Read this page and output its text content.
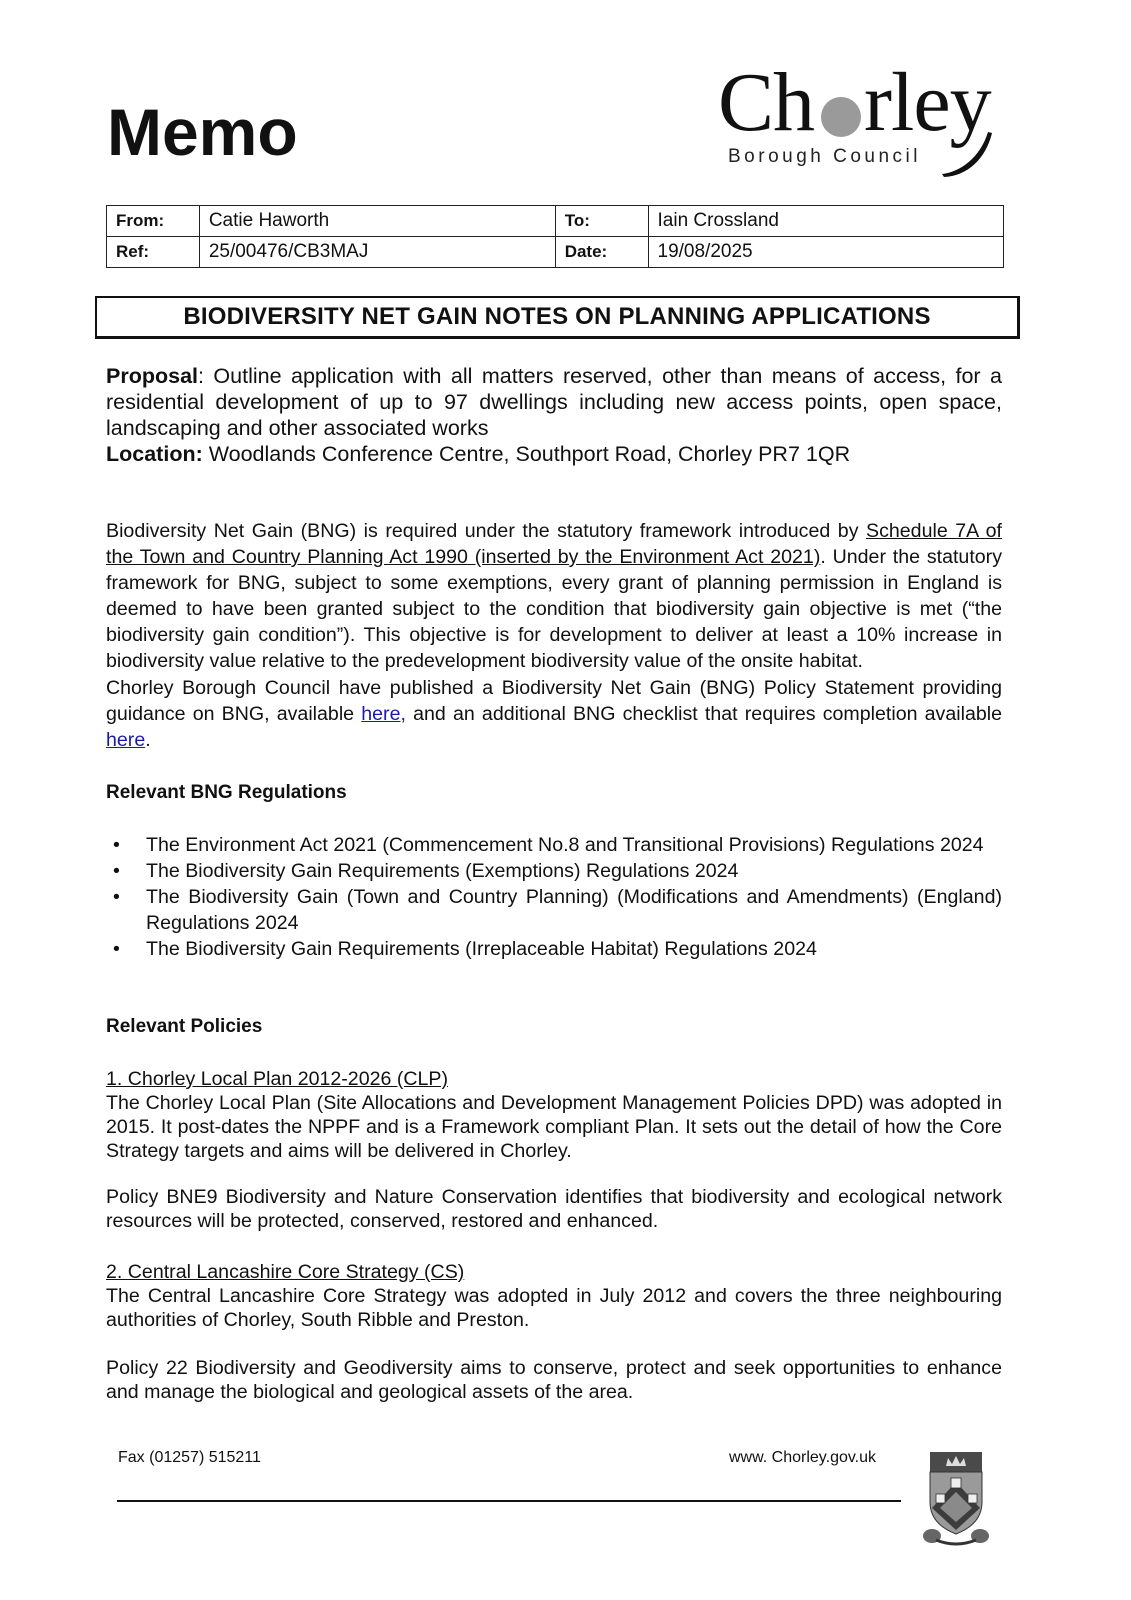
Memo	Ch rley
Borough Council
From:	Catie Haworth	To:	Iain Crossland
Ref:	25/00476/CB3MAJ	Date:	19/08/2025
BIODIVERSITY NET GAIN NOTES ON PLANNING APPLICATIONS

Proposal: Outline application with all matters reserved, other than means of access, for a residential development of up to 97 dwellings including new access points, open space, landscaping and other associated works

Location: Woodlands Conference Centre, Southport Road, Chorley PR7 1QR

Biodiversity Net Gain (BNG) is required under the statutory framework introduced by Schedule 7A of the Town and Country Planning Act 1990 (inserted by the Environment Act 2021). Under the statutory framework for BNG, subject to some exemptions, every grant of planning permission in England is deemed to have been granted subject to the condition that biodiversity gain objective is met (“the biodiversity gain condition”). This objective is for development to deliver at least a 10% increase in biodiversity value relative to the predevelopment biodiversity value of the onsite habitat.

Chorley Borough Council have published a Biodiversity Net Gain (BNG) Policy Statement providing guidance on BNG, available here, and an additional BNG checklist that requires completion available here.

Relevant BNG Regulations

• The Environment Act 2021 (Commencement No.8 and Transitional Provisions) Regulations 2024
• The Biodiversity Gain Requirements (Exemptions) Regulations 2024
• The Biodiversity Gain (Town and Country Planning) (Modifications and Amendments) (England) Regulations 2024
• The Biodiversity Gain Requirements (Irreplaceable Habitat) Regulations 2024

Relevant Policies

1. Chorley Local Plan 2012-2026 (CLP)

The Chorley Local Plan (Site Allocations and Development Management Policies DPD) was adopted in 2015. It post-dates the NPPF and is a Framework compliant Plan. It sets out the detail of how the Core Strategy targets and aims will be delivered in Chorley.

Policy BNE9 Biodiversity and Nature Conservation identifies that biodiversity and ecological network resources will be protected, conserved, restored and enhanced.

2. Central Lancashire Core Strategy (CS)

The Central Lancashire Core Strategy was adopted in July 2012 and covers the three neighbouring authorities of Chorley, South Ribble and Preston.

Policy 22 Biodiversity and Geodiversity aims to conserve, protect and seek opportunities to enhance and manage the biological and geological assets of the area.

Fax (01257) 515211	www. Chorley.gov.uk
